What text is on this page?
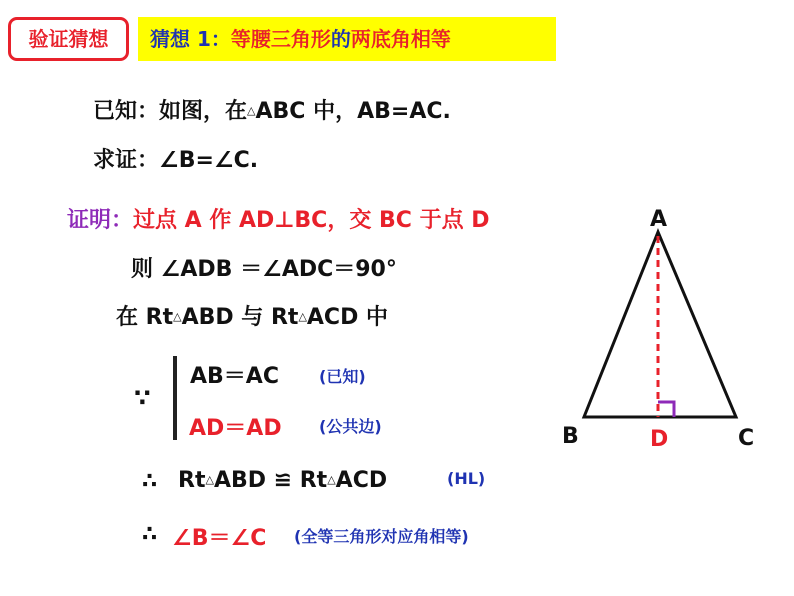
验证猜想	猜想 1：等腰三角形的两底角相等
已知：如图，在△ABC 中，AB=AC.
求证：∠B=∠C.
证明：过点 A 作 AD⊥BC，交 BC 于点 D
则 ∠ADB ＝∠ADC＝90°
在 Rt△ABD 与 Rt△ACD 中
∵
AB＝AC	(已知)
AD＝AD (公共边)
∴ Rt△ABD ≌ Rt△ACD	(HL)
∴ ∠B＝∠C (全等三角形对应角相等)
A
B	D	C
